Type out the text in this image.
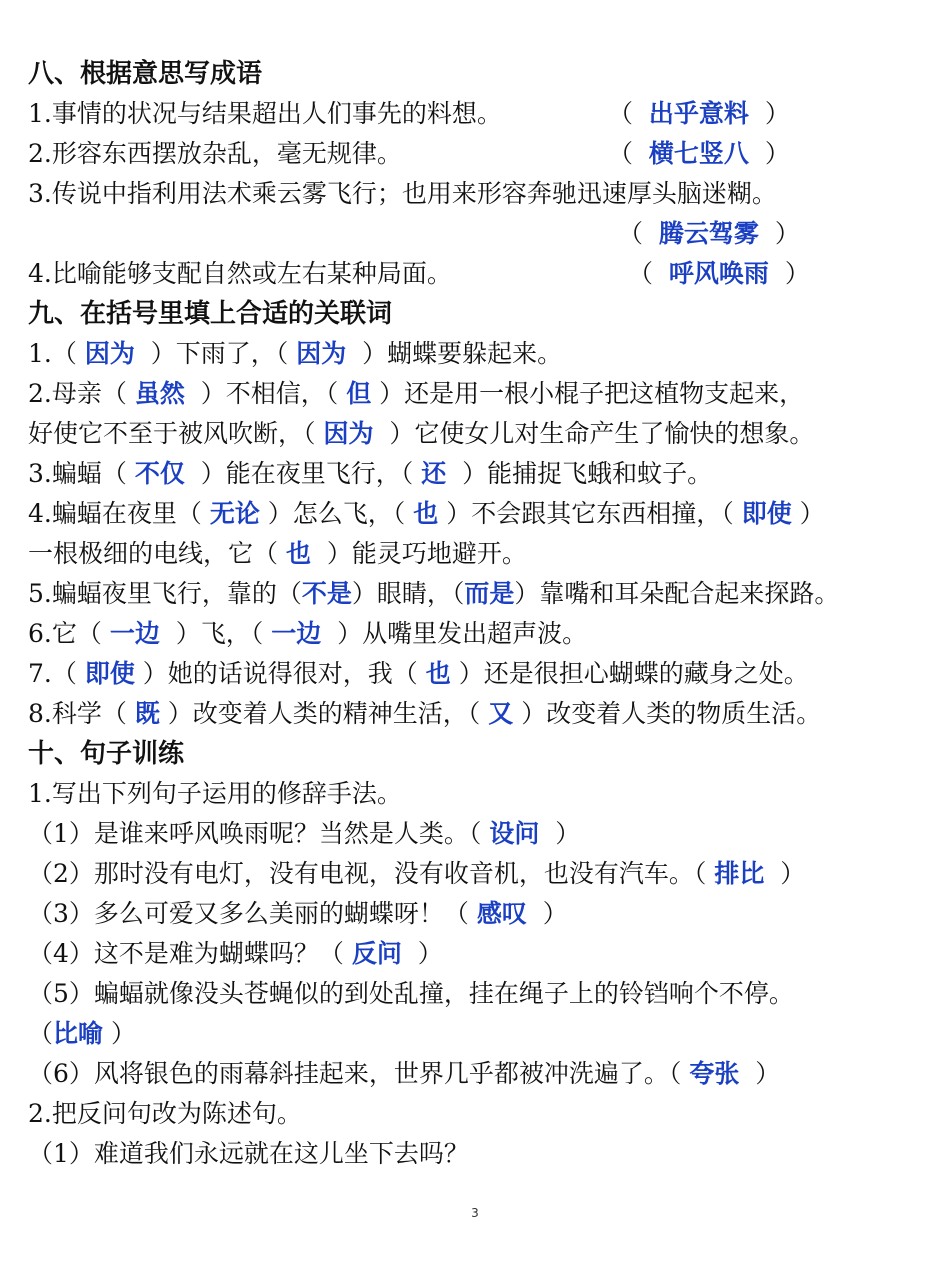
八、根据意思写成语
1.事情的状况与结果超出人们事先的料想。	（  出乎意料  ）
2.形容东西摆放杂乱，毫无规律。	（  横七竖八  ）
3.传说中指利用法术乘云雾飞行；也用来形容奔驰迅速厚头脑迷糊。
（  腾云驾雾  ）
4.比喻能够支配自然或左右某种局面。	（  呼风唤雨  ）
九、在括号里填上合适的关联词
1.（ 因为 ）下雨了，（ 因为 ）蝴蝶要躲起来。
2.母亲（ 虽然 ）不相信，（ 但 ）还是用一根小棍子把这植物支起来，
好使它不至于被风吹断，（ 因为 ）它使女儿对生命产生了愉快的想象。
3.蝙蝠（ 不仅 ）能在夜里飞行，（ 还 ）能捕捉飞蛾和蚊子。
4.蝙蝠在夜里（ 无论 ）怎么飞，（ 也 ）不会跟其它东西相撞，（ 即使 ）
一根极细的电线，它（ 也 ）能灵巧地避开。
5.蝙蝠夜里飞行，靠的（不是）眼睛，（而是）靠嘴和耳朵配合起来探路。
6.它（ 一边 ）飞，（ 一边 ）从嘴里发出超声波。
7.（ 即使 ）她的话说得很对，我（ 也 ）还是很担心蝴蝶的藏身之处。
8.科学（ 既 ）改变着人类的精神生活，（ 又 ）改变着人类的物质生活。
十、句子训练
1.写出下列句子运用的修辞手法。
（1）是谁来呼风唤雨呢？当然是人类。（ 设问 ）
（2）那时没有电灯，没有电视，没有收音机，也没有汽车。（ 排比 ）
（3）多么可爱又多么美丽的蝴蝶呀！（ 感叹 ）
（4）这不是难为蝴蝶吗？（ 反问 ）
（5）蝙蝠就像没头苍蝇似的到处乱撞，挂在绳子上的铃铛响个不停。
（比喻 ）
（6）风将银色的雨幕斜挂起来，世界几乎都被冲洗遍了。（ 夸张 ）
2.把反问句改为陈述句。
（1）难道我们永远就在这儿坐下去吗？
3
